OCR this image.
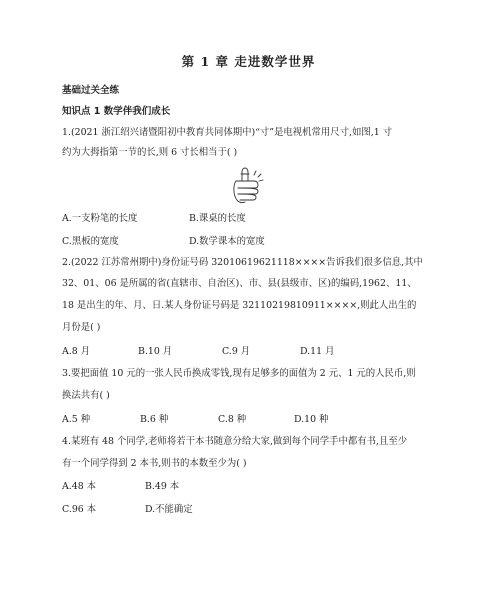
第 1 章 走进数学世界
基础过关全练
知识点 1 数学伴我们成长
1.(2021 浙江绍兴诸暨阳初中教育共同体期中)“寸”是电视机常用尺寸,如图,1 寸
约为大拇指第一节的长,则 6 寸长相当于( )
A.一支粉笔的长度	B.课桌的长度
C.黑板的宽度	D.数学课本的宽度
2.(2022 江苏常州期中)身份证号码 32010619621118××××告诉我们很多信息,其中
32、01、06 是所属的省(直辖市、自治区)、市、县(县级市、区)的编码,1962、11、
18 是出生的年、月、日.某人身份证号码是 32110219810911××××,则此人出生的
月份是( )
A.8 月	B.10 月	C.9 月	D.11 月
3.要把面值 10 元的一张人民币换成零钱,现有足够多的面值为 2 元、1 元的人民币,则
换法共有( )
A.5 种	B.6 种	C.8 种	D.10 种
4.某班有 48 个同学,老师将若干本书随意分给大家,做到每个同学手中都有书,且至少
有一个同学得到 2 本书,则书的本数至少为( )
A.48 本	B.49 本
C.96 本	D.不能确定
